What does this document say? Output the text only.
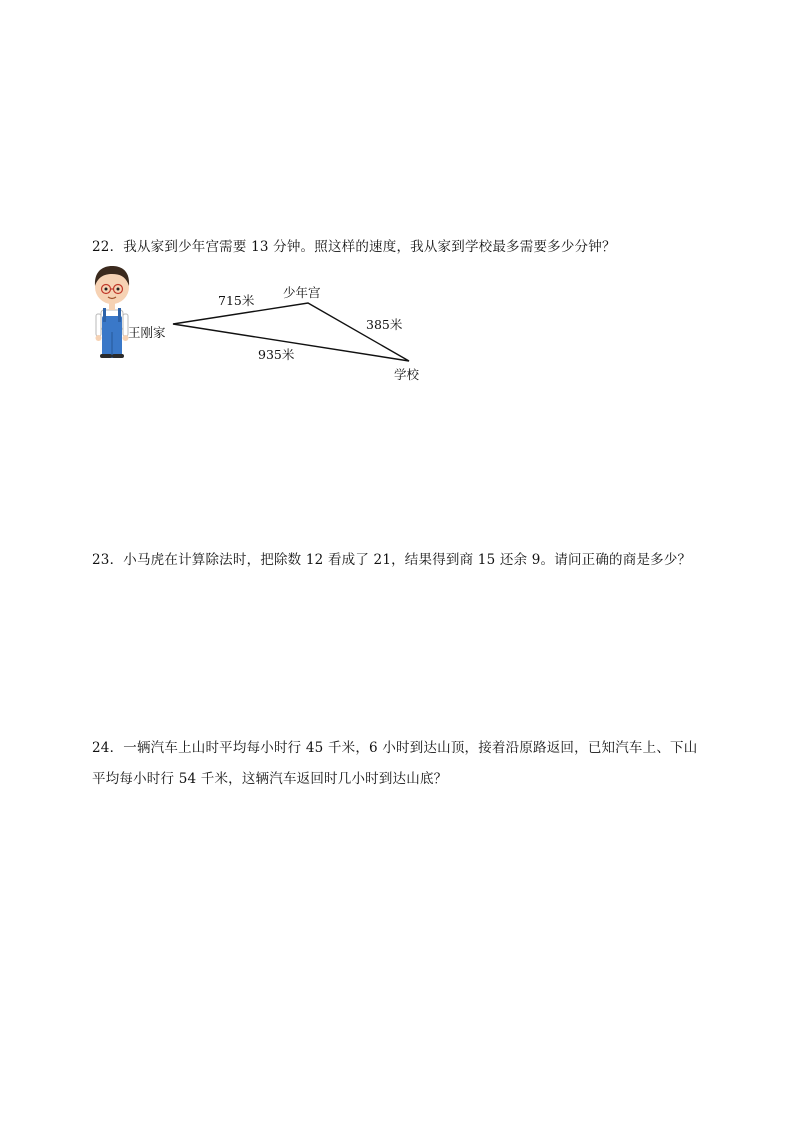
22．我从家到少年宫需要 13 分钟。照这样的速度，我从家到学校最多需要多少分钟？
王刚家
少年宫
学校
715米
385米
935米
23．小马虎在计算除法时，把除数 12 看成了 21，结果得到商 15 还余 9。请问正确的商是多少？
24．一辆汽车上山时平均每小时行 45 千米，6 小时到达山顶，接着沿原路返回，已知汽车上、下山
平均每小时行 54 千米，这辆汽车返回时几小时到达山底？
